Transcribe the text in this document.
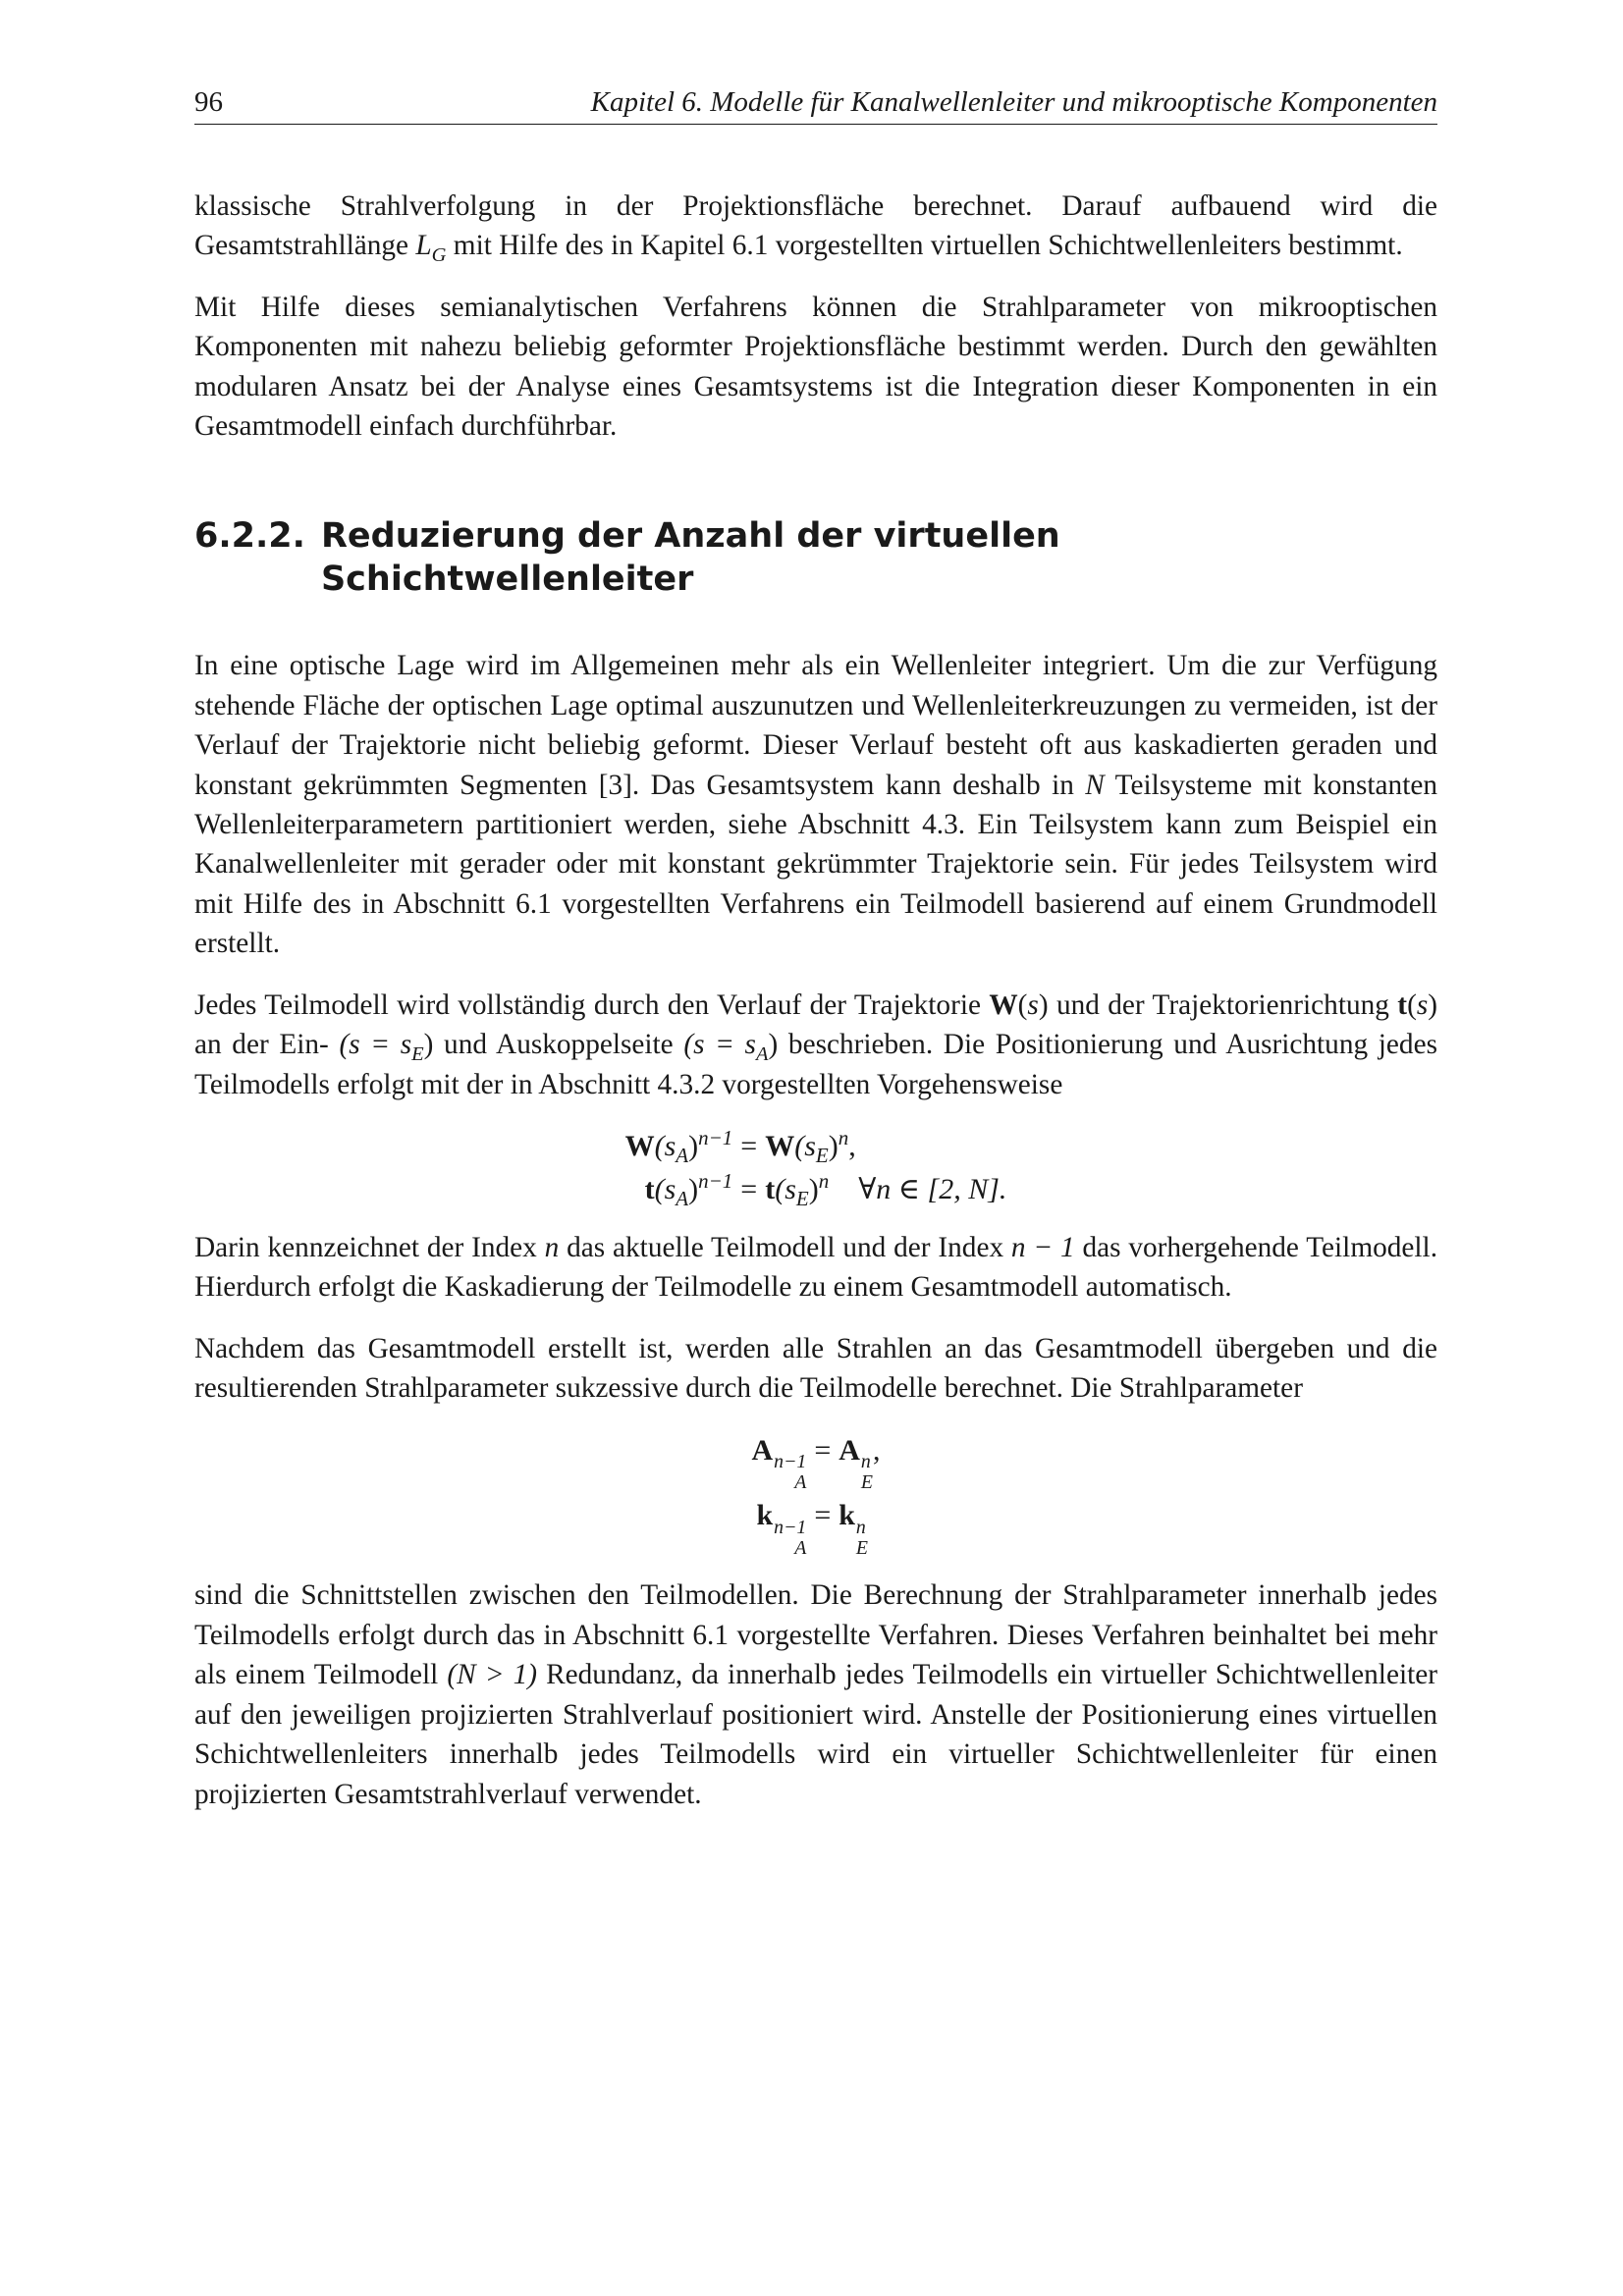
96	Kapitel 6. Modelle für Kanalwellenleiter und mikrooptische Komponenten

klassische Strahlverfolgung in der Projektionsfläche berechnet. Darauf aufbauend wird die Gesamtstrahllänge $L_G$ mit Hilfe des in Kapitel 6.1 vorgestellten virtuellen Schichtwellenleiters bestimmt.

Mit Hilfe dieses semianalytischen Verfahrens können die Strahlparameter von mikrooptischen Komponenten mit nahezu beliebig geformter Projektionsfläche bestimmt werden. Durch den gewählten modularen Ansatz bei der Analyse eines Gesamtsystems ist die Integration dieser Komponenten in ein Gesamtmodell einfach durchführbar.

6.2.2. Reduzierung der Anzahl der virtuellen Schichtwellenleiter

In eine optische Lage wird im Allgemeinen mehr als ein Wellenleiter integriert. Um die zur Verfügung stehende Fläche der optischen Lage optimal auszunutzen und Wellenleiterkreuzungen zu vermeiden, ist der Verlauf der Trajektorie nicht beliebig geformt. Dieser Verlauf besteht oft aus kaskadierten geraden und konstant gekrümmten Segmenten [3]. Das Gesamtsystem kann deshalb in N Teilsysteme mit konstanten Wellenleiterparametern partitioniert werden, siehe Abschnitt 4.3. Ein Teilsystem kann zum Beispiel ein Kanalwellenleiter mit gerader oder mit konstant gekrümmter Trajektorie sein. Für jedes Teilsystem wird mit Hilfe des in Abschnitt 6.1 vorgestellten Verfahrens ein Teilmodell basierend auf einem Grundmodell erstellt.

Jedes Teilmodell wird vollständig durch den Verlauf der Trajektorie W(s) und der Trajektorienrichtung t(s) an der Ein- $(s = s_E)$ und Auskoppelseite $(s = s_A)$ beschrieben. Die Positionierung und Ausrichtung jedes Teilmodells erfolgt mit der in Abschnitt 4.3.2 vorgestellten Vorgehensweise

$W(s_A)^{n-1} = W(s_E)^n$,
$t(s_A)^{n-1} = t(s_E)^n$ ∀n ∈ [2, N].

Darin kennzeichnet der Index n das aktuelle Teilmodell und der Index n − 1 das vorhergehende Teilmodell. Hierdurch erfolgt die Kaskadierung der Teilmodelle zu einem Gesamtmodell automatisch.

Nachdem das Gesamtmodell erstellt ist, werden alle Strahlen an das Gesamtmodell übergeben und die resultierenden Strahlparameter sukzessive durch die Teilmodelle berechnet. Die Strahlparameter

A n−1
A
= A n
E
,
k n−1
A
= k n
E

sind die Schnittstellen zwischen den Teilmodellen. Die Berechnung der Strahlparameter innerhalb jedes Teilmodells erfolgt durch das in Abschnitt 6.1 vorgestellte Verfahren. Dieses Verfahren beinhaltet bei mehr als einem Teilmodell (N > 1) Redundanz, da innerhalb jedes Teilmodells ein virtueller Schichtwellenleiter auf den jeweiligen projizierten Strahlverlauf positioniert wird. Anstelle der Positionierung eines virtuellen Schichtwellenleiters innerhalb jedes Teilmodells wird ein virtueller Schichtwellenleiter für einen projizierten Gesamtstrahlverlauf verwendet.
